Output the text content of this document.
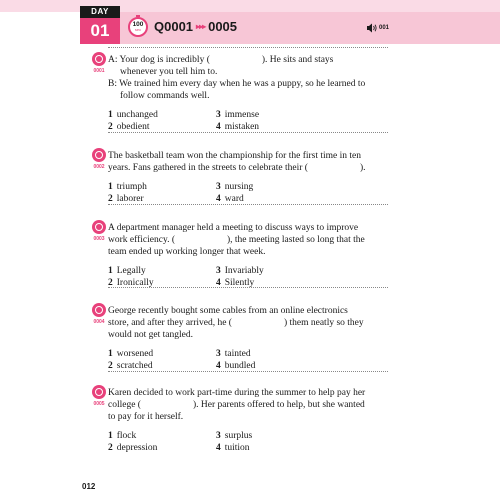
DAY
01	100
sec Q0001 ▸▸▸ 0005	001
0001
A: Your dog is incredibly (	). He sits and stays
whenever you tell him to.
B: We trained him every day when he was a puppy, so he learned to
follow commands well.
1 unchanged	3 immense
2 obedient	4 mistaken
0002
The basketball team won the championship for the first time in ten
years. Fans gathered in the streets to celebrate their (	).
1 triumph	3 nursing
2 laborer	4 ward
0003
A department manager held a meeting to discuss ways to improve
work efficiency. (	), the meeting lasted so long that the
team ended up working longer that week.
1 Legally	3 Invariably
2 Ironically	4 Silently
0004
George recently bought some cables from an online electronics
store, and after they arrived, he (	) them neatly so they
would not get tangled.
1 worsened	3 tainted
2 scratched	4 bundled
0005
Karen decided to work part-time during the summer to help pay her
college (	). Her parents offered to help, but she wanted
to pay for it herself.
1 flock	3 surplus
2 depression	4 tuition
012
